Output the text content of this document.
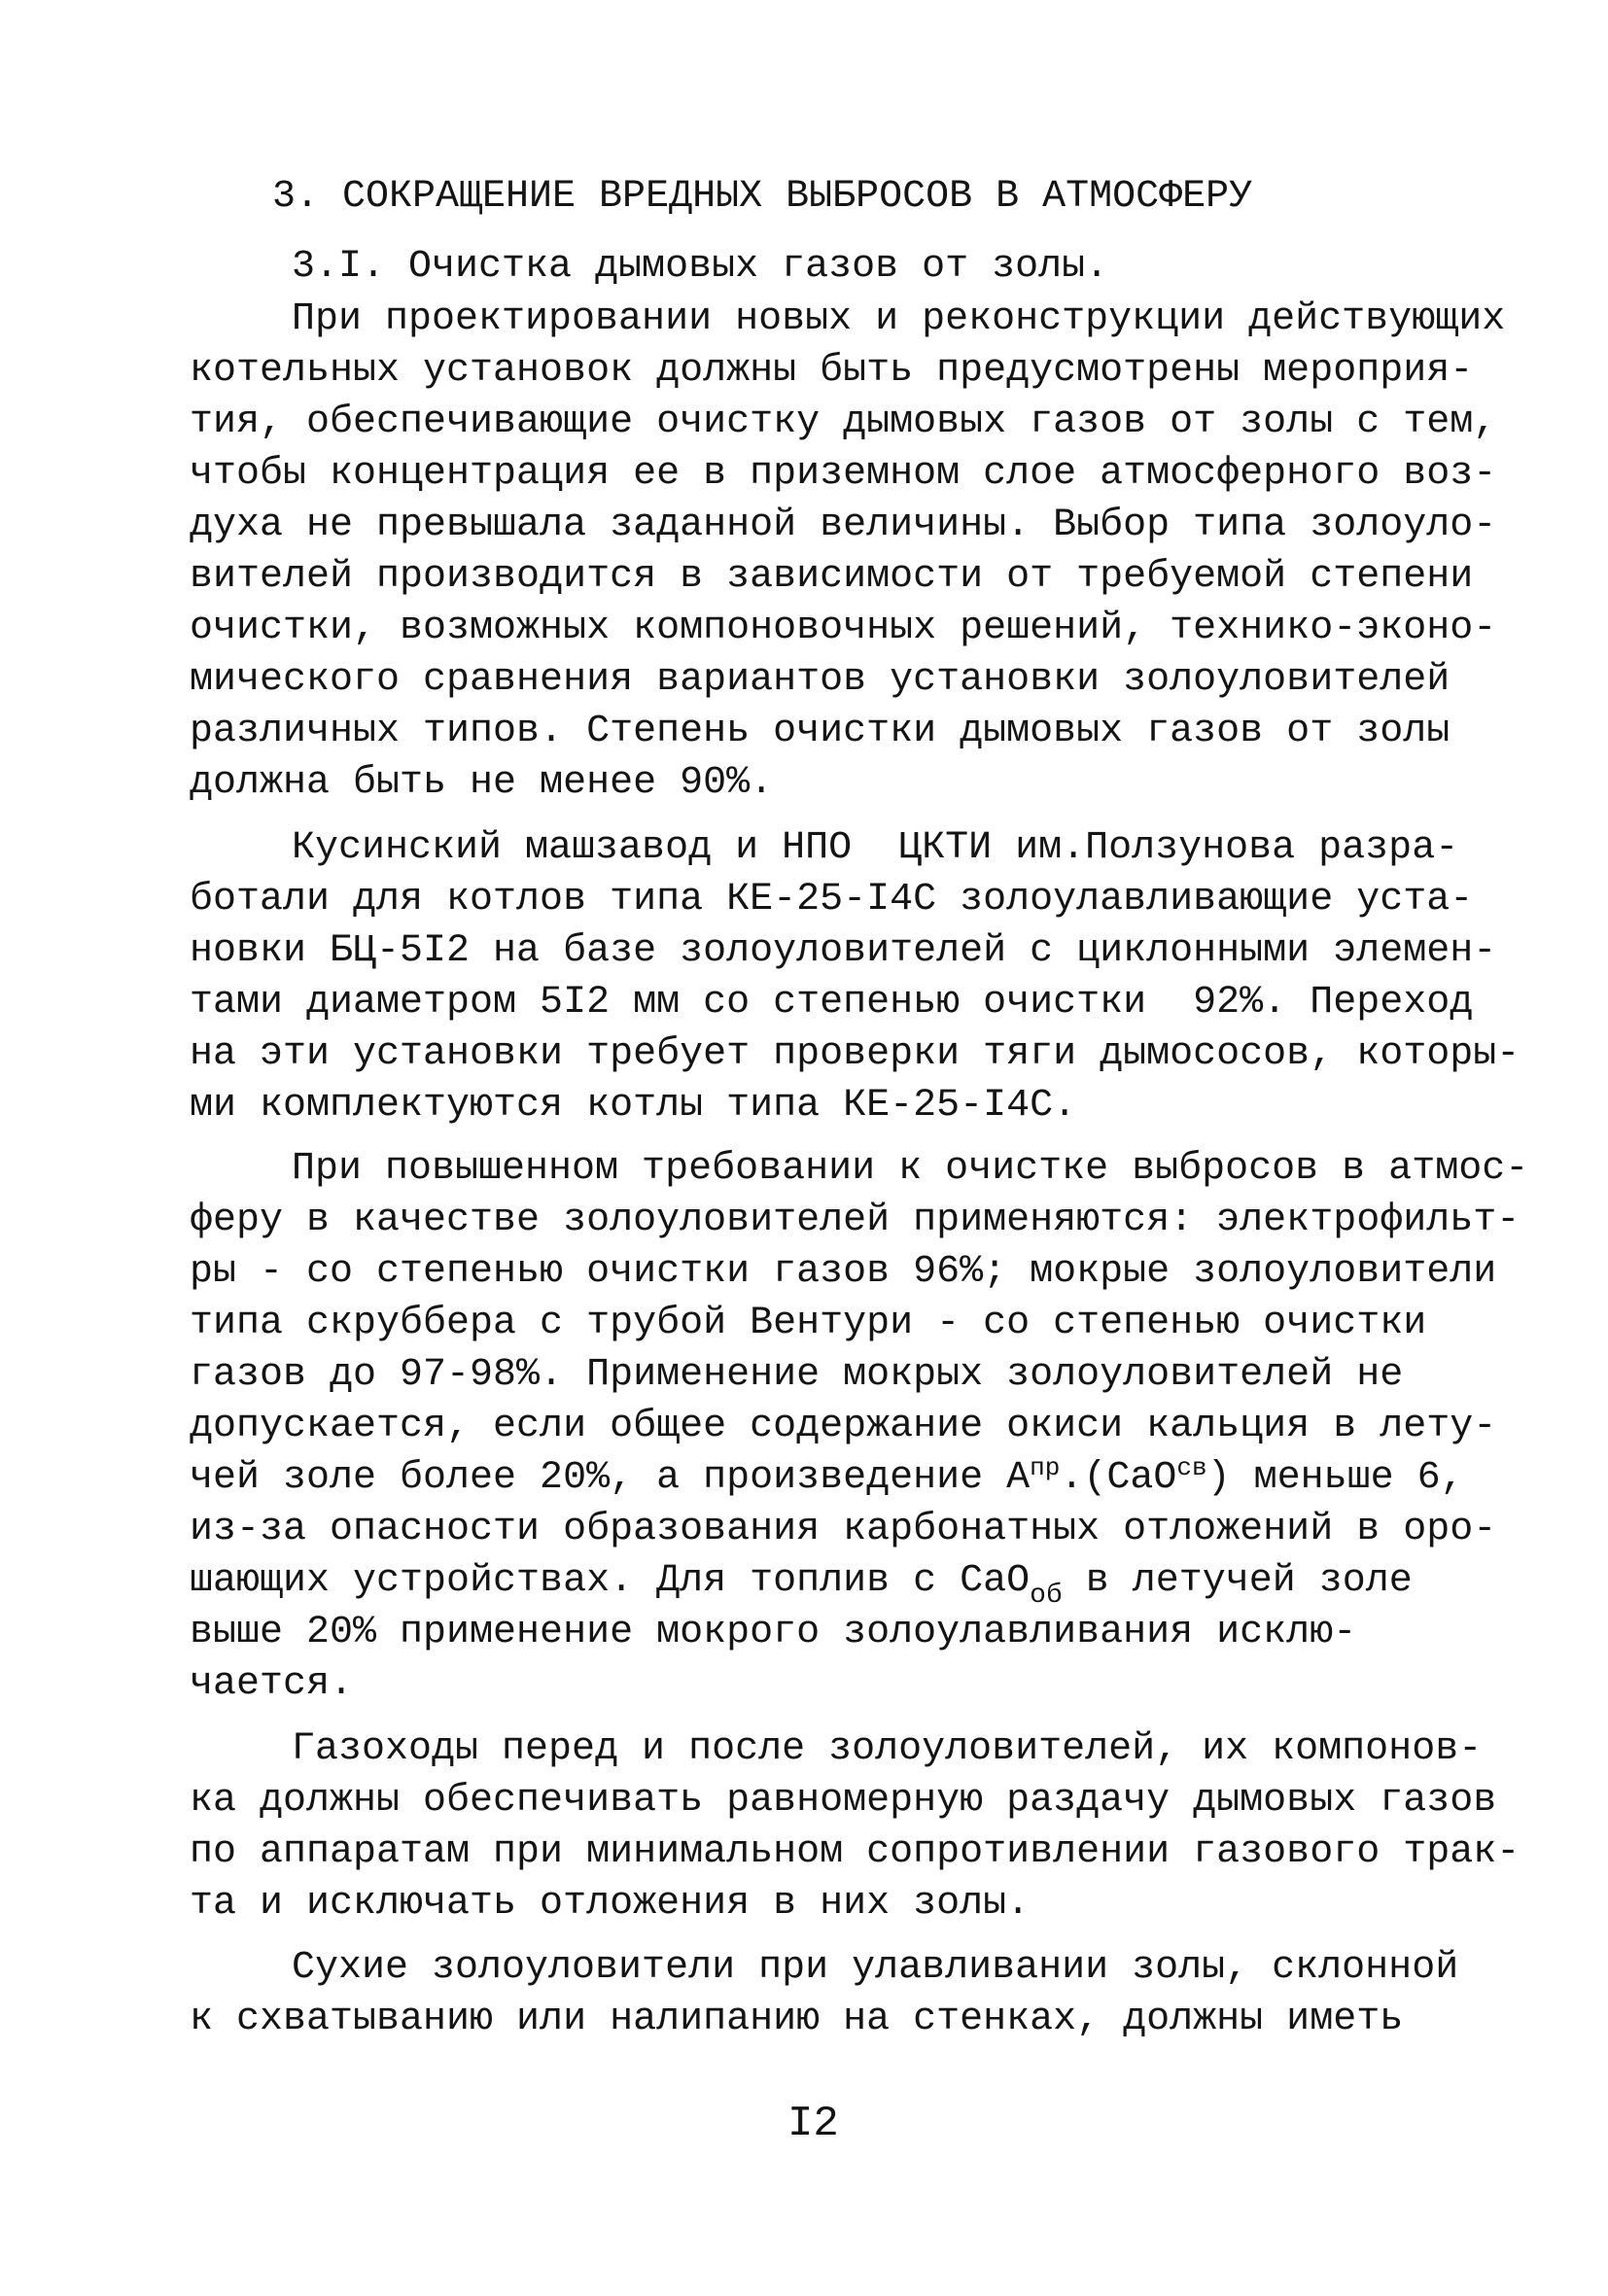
3. СОКРАЩЕНИЕ ВРЕДНЫХ ВЫБРОСОВ В АТМОСФЕРУ
3.I. Очистка дымовых газов от золы.
При проектировании новых и реконструкции действующих
котельных установок должны быть предусмотрены мероприя-
тия, обеспечивающие очистку дымовых газов от золы с тем,
чтобы концентрация ее в приземном слое атмосферного воз-
духа не превышала заданной величины. Выбор типа золоуло-
вителей производится в зависимости от требуемой степени
очистки, возможных компоновочных решений, технико-эконо-
мического сравнения вариантов установки золоуловителей
различных типов. Степень очистки дымовых газов от золы
должна быть не менее 90%.
Кусинский машзавод и НПО  ЦКТИ им.Ползунова разра-
ботали для котлов типа КЕ-25-I4С золоулавливающие уста-
новки БЦ-5I2 на базе золоуловителей с циклонными элемен-
тами диаметром 5I2 мм со степенью очистки  92%. Переход
на эти установки требует проверки тяги дымососов, которы-
ми комплектуются котлы типа КЕ-25-I4С.
При повышенном требовании к очистке выбросов в атмос-
феру в качестве золоуловителей применяются: электрофильт-
ры - со степенью очистки газов 96%; мокрые золоуловители
типа скруббера с трубой Вентури - со степенью очистки
газов до 97-98%. Применение мокрых золоуловителей не
допускается, если общее содержание окиси кальция в лету-
чей золе более 20%, а произведение $А^{пр}.(СаО^{св})$ меньше 6,
из-за опасности образования карбонатных отложений в оро-
шающих устройствах. Для топлив с СаО$_{об}$ в летучей золе
выше 20% применение мокрого золоулавливания исклю-
чается.
Газоходы перед и после золоуловителей, их компонов-
ка должны обеспечивать равномерную раздачу дымовых газов
по аппаратам при минимальном сопротивлении газового трак-
та и исключать отложения в них золы.
Сухие золоуловители при улавливании золы, склонной
к схватыванию или налипанию на стенках, должны иметь
I2
